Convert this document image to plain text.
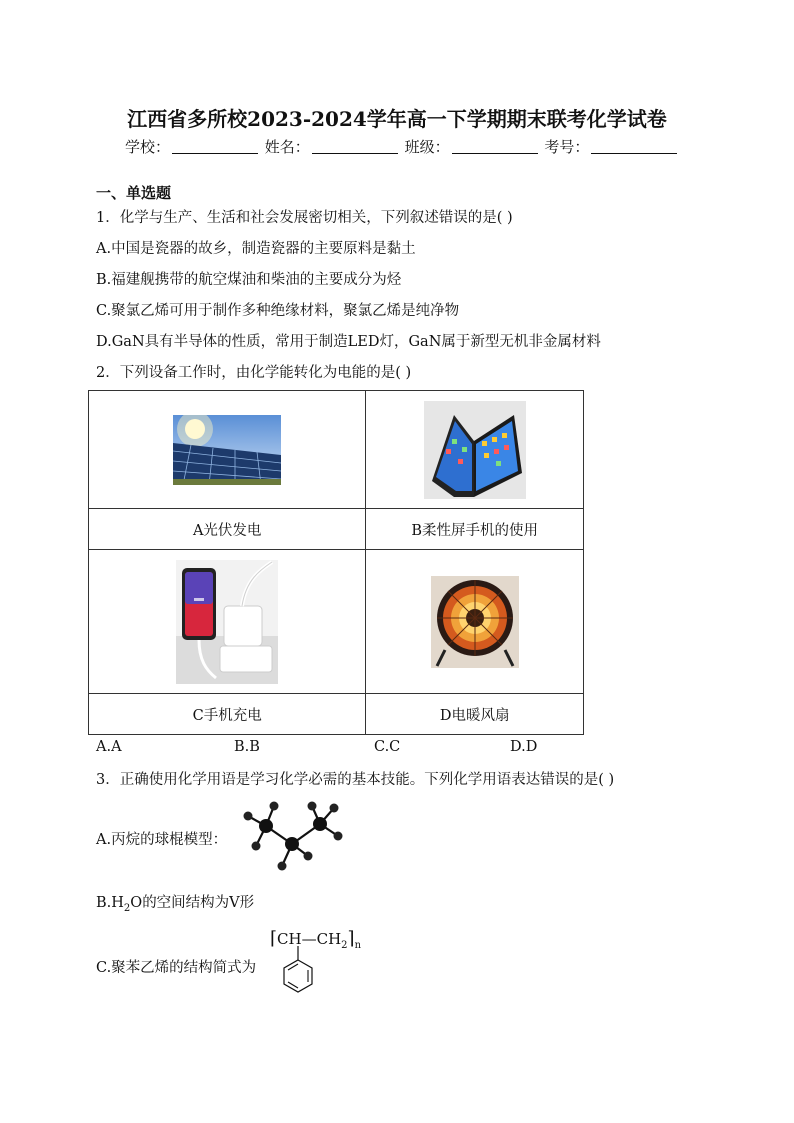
江西省多所校2023-2024学年高一下学期期末联考化学试卷
学校：	姓名：	班级：	考号：
一、单选题
1．化学与生产、生活和社会发展密切相关，下列叙述错误的是( )
A.中国是瓷器的故乡，制造瓷器的主要原料是黏土
B.福建舰携带的航空煤油和柴油的主要成分为烃
C.聚氯乙烯可用于制作多种绝缘材料，聚氯乙烯是纯净物
D.GaN具有半导体的性质，常用于制造LED灯，GaN属于新型无机非金属材料
2．下列设备工作时，由化学能转化为电能的是( )

A光伏发电	B柔性屏手机的使用

C手机充电	D电暖风扇
A.A	B.B	C.C	D.D
3．正确使用化学用语是学习化学必需的基本技能。下列化学用语表达错误的是( )
A.丙烷的球棍模型：
$B.H_2O$的空间结构为V形
C.聚苯乙烯的结构简式为
$⌈CH—CH_2⌉_n$
